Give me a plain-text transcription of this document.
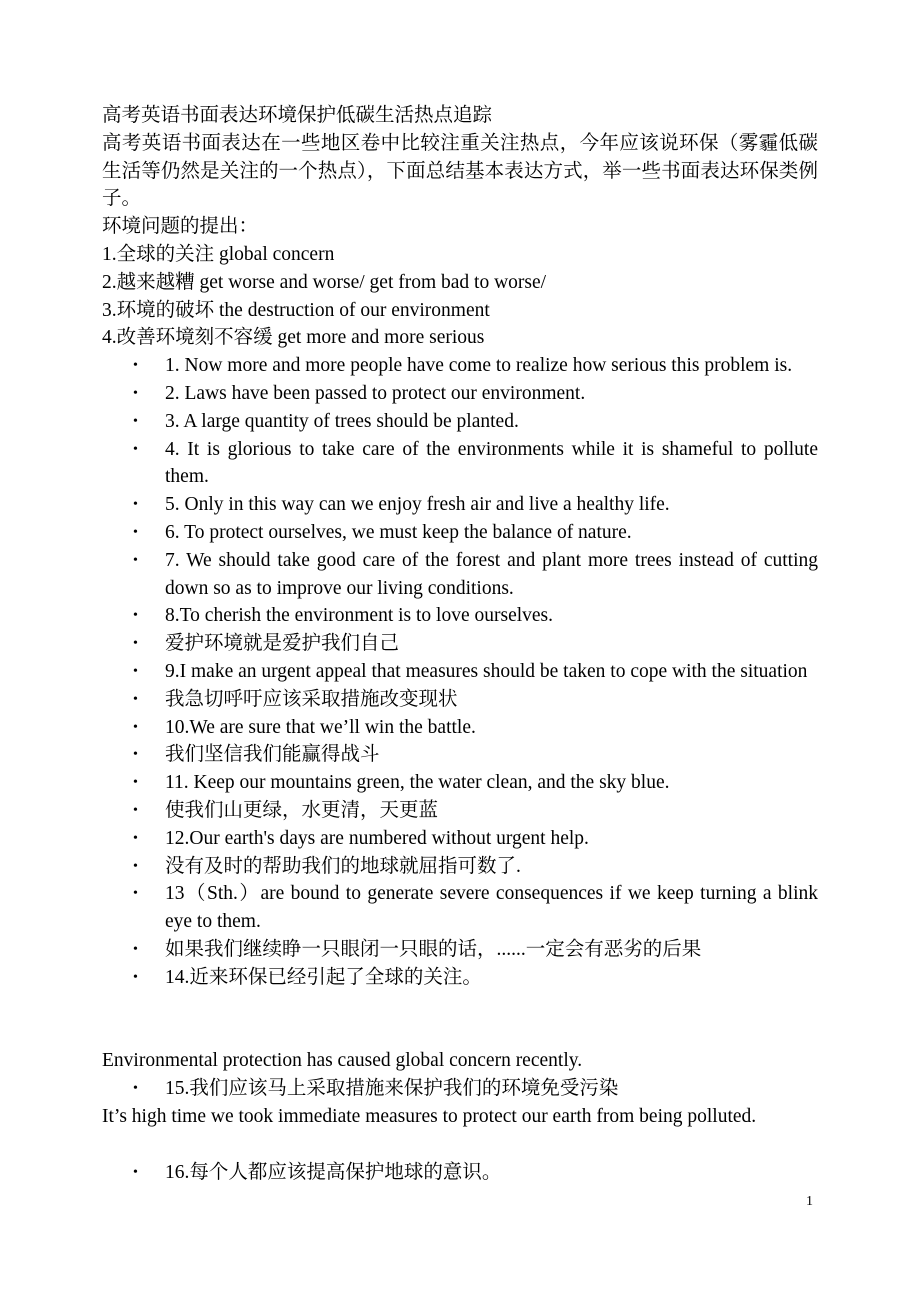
高考英语书面表达环境保护低碳生活热点追踪

高考英语书面表达在一些地区卷中比较注重关注热点，今年应该说环保（雾霾低碳生活等仍然是关注的一个热点），下面总结基本表达方式，举一些书面表达环保类例子。

环境问题的提出：

1.全球的关注 global concern

2.越来越糟 get worse and worse/ get from bad to worse/

3.环境的破坏 the destruction of our environment

4.改善环境刻不容缓 get more and more serious

• 1. Now more and more people have come to realize how serious this problem is.
• 2. Laws have been passed to protect our environment.
• 3. A large quantity of trees should be planted.
• 4. It is glorious to take care of the environments while it is shameful to pollute them.
• 5. Only in this way can we enjoy fresh air and live a healthy life.
• 6. To protect ourselves, we must keep the balance of nature.
• 7. We should take good care of the forest and plant more trees instead of cutting down so as to improve our living conditions.
• 8.To cherish the environment is to love ourselves.
• 爱护环境就是爱护我们自己
• 9.I make an urgent appeal that measures should be taken to cope with the situation
• 我急切呼吁应该采取措施改变现状
• 10.We are sure that we’ll win the battle.
• 我们坚信我们能赢得战斗
• 11. Keep our mountains green, the water clean, and the sky blue.
• 使我们山更绿，水更清，天更蓝
• 12.Our earth's days are numbered without urgent help.
• 没有及时的帮助我们的地球就屈指可数了.
• 13（Sth.）are bound to generate severe consequences if we keep turning a blink eye to them.
• 如果我们继续睁一只眼闭一只眼的话，......一定会有恶劣的后果
• 14.近来环保已经引起了全球的关注。

Environmental protection has caused global concern recently.

• 15.我们应该马上采取措施来保护我们的环境免受污染

It’s high time we took immediate measures to protect our earth from being polluted.

• 16.每个人都应该提高保护地球的意识。
1
